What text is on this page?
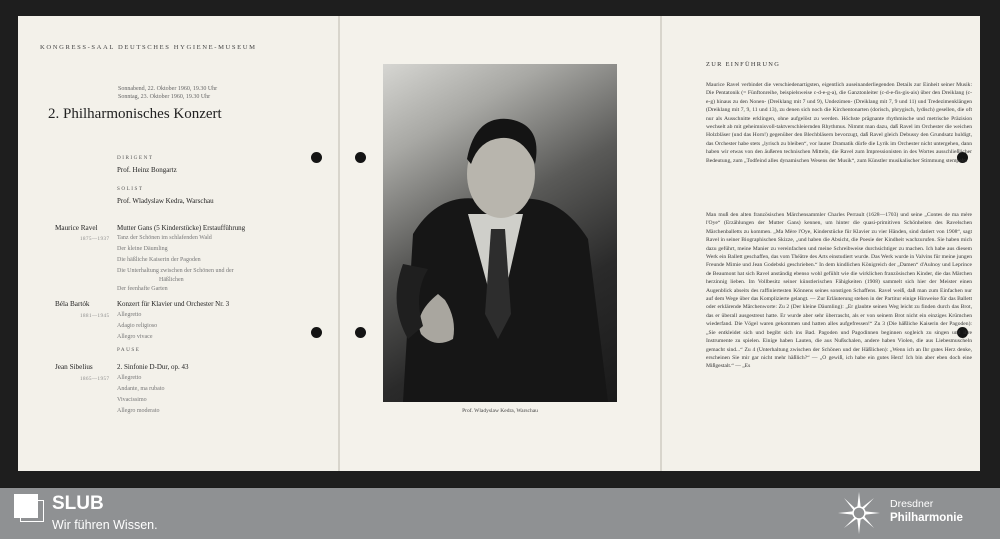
KONGRESS-SAAL DEUTSCHES HYGIENE-MUSEUM
Sonnabend, 22. Oktober 1960, 19.30 Uhr
Sonntag, 23. Oktober 1960, 19.30 Uhr
2. Philharmonisches Konzert
DIRIGENT
Prof. Heinz Bongartz
SOLIST
Prof. Wladyslaw Kedra, Warschau
Maurice Ravel
1875—1937
Mutter Gans (5 Kinderstücke) Erstaufführung
Tanz der Schönen im schlafenden Wald
Der kleine Däumling
Die häßliche Kaiserin der Pagoden
Die Unterhaltung zwischen der Schönen und der
Häßlichen
Der feenhafte Garten
Béla Bartók
1881—1945
Konzert für Klavier und Orchester Nr. 3
Allegretto
Adagio religioso
Allegro vivace
PAUSE
Jean Sibelius
1865—1957
2. Sinfonie D-Dur, op. 43
Allegretto
Andante, ma rubato
Vivacissimo
Allegro moderato	Prof. Wladyslaw Kedra, Warschau
ZUR EINFÜHRUNG

Maurice Ravel verbindet die verschiedenartigsten, eigentlich auseinanderliegenden Details zur Einheit seiner Musik: Die Pentatonik (= Fünftonreihe, beispielsweise c-d-e-g-a), die Ganztonleiter (c-d-e-fis-gis-ais) über den Dreiklang (c-e-g) hinaus zu den Nonen- (Dreiklang mit 7 und 9), Undezimen- (Dreiklang mit 7, 9 und 11) und Tredezimenklängen (Dreiklang mit 7, 9, 11 und 13), zu denen sich noch die Kirchentonarten (dorisch, phrygisch, lydisch) gesellen, die oft nur als Ausschnitte erklingen, ohne aufgelöst zu werden. Höchste prägnante rhythmische und metrische Präzision wechselt ab mit geheimnisvoll-taktverschleiernden Rhythmus. Nimmt man dazu, daß Ravel im Orchester die weichen Holzbläser (und das Horn!) gegenüber den Blechbläsern bevorzugt, daß Ravel gleich Debussy den Grundsatz huldigt, das Orchester habe stets „lyrisch zu bleiben“, vor lauter Dramatik dürfe die Lyrik im Orchester nicht untergehen, dann haben wir etwas von den äußeren technischen Mitteln, die Ravel zum Impressionisten in des Wortes ausschließlicher Bedeutung, zum „Todfeind alles dynamischen Wesens der Musik“, zum Künstler musikalischer Stimmung stempeln.

Man muß den alten französischen Märchensammler Charles Perrault (1628—1703) und seine „Contes de ma mère l'Oye“ (Erzählungen der Mutter Gans) kennen, um hinter die quasi-primitiven Schönheiten des Ravelschen Märchenballetts zu kommen. „Ma Mère l'Oye, Kinderstücke für Klavier zu vier Händen, sind datiert von 1908“, sagt Ravel in seiner Biographischen Skizze, „und haben die Absicht, die Poesie der Kindheit wachzurufen. Sie haben mich dazu geführt, meine Manier zu vereinfachen und meine Schreibweise durchsichtiger zu machen. Ich habe aus diesem Werk ein Ballett geschaffen, das vom Théâtre des Arts einstudiert wurde. Das Werk wurde in Valvins für meine jungen Freunde Mimie und Jean Godebski geschrieben.“ In dem kindlichen Königreich der „Damen“ d'Aulnoy und Leprince de Beaumont hat sich Ravel anständig ebenso wohl gefühlt wie die wirklichen französischen Kinder, die das Märchen herzinnig lieben. Im Vollbesitz seiner künstlerischen Fähigkeiten (1908) sammelt sich hier der Meister einen Augenblick abseits des raffiniertesten Könnens seines sonstigen Schaffens. Ravel weiß, daß man zum Einfachen nur auf dem Wege über das Komplizierte gelangt. — Zur Erläuterung stehen in der Partitur einige Hinweise für das Ballett oder erklärende Märchenworte: Zu 2 (Der kleine Däumling): „Er glaubte seinen Weg leicht zu finden durch das Brot, das er überall ausgestreut hatte. Er wurde aber sehr überrascht, als er von seinem Brot nicht ein einziges Krümchen wiederfand. Die Vögel waren gekommen und hatten alles aufgefressen!“ Zu 3 (Die häßliche Kaiserin der Pagoden): „Sie entkleidet sich und begibt sich ins Bad. Pagoden und Pagodinnen beginnen sogleich zu singen und ihre Instrumente zu spielen. Einige haben Lauten, die aus Nußschalen, andere haben Violen, die aus Liebesmuscheln gemacht sind...“ Zu 4 (Unterhaltung zwischen der Schönen und der Häßlichen): „Wenn ich an Ihr gutes Herz denke, erscheinen Sie mir gar nicht mehr häßlich?“ — „O gewiß, ich habe ein gutes Herz! Ich bin aber eben doch eine Mißgestalt.“ — „Es

SLUB
Wir führen Wissen.
Dresdner
Philharmonie
